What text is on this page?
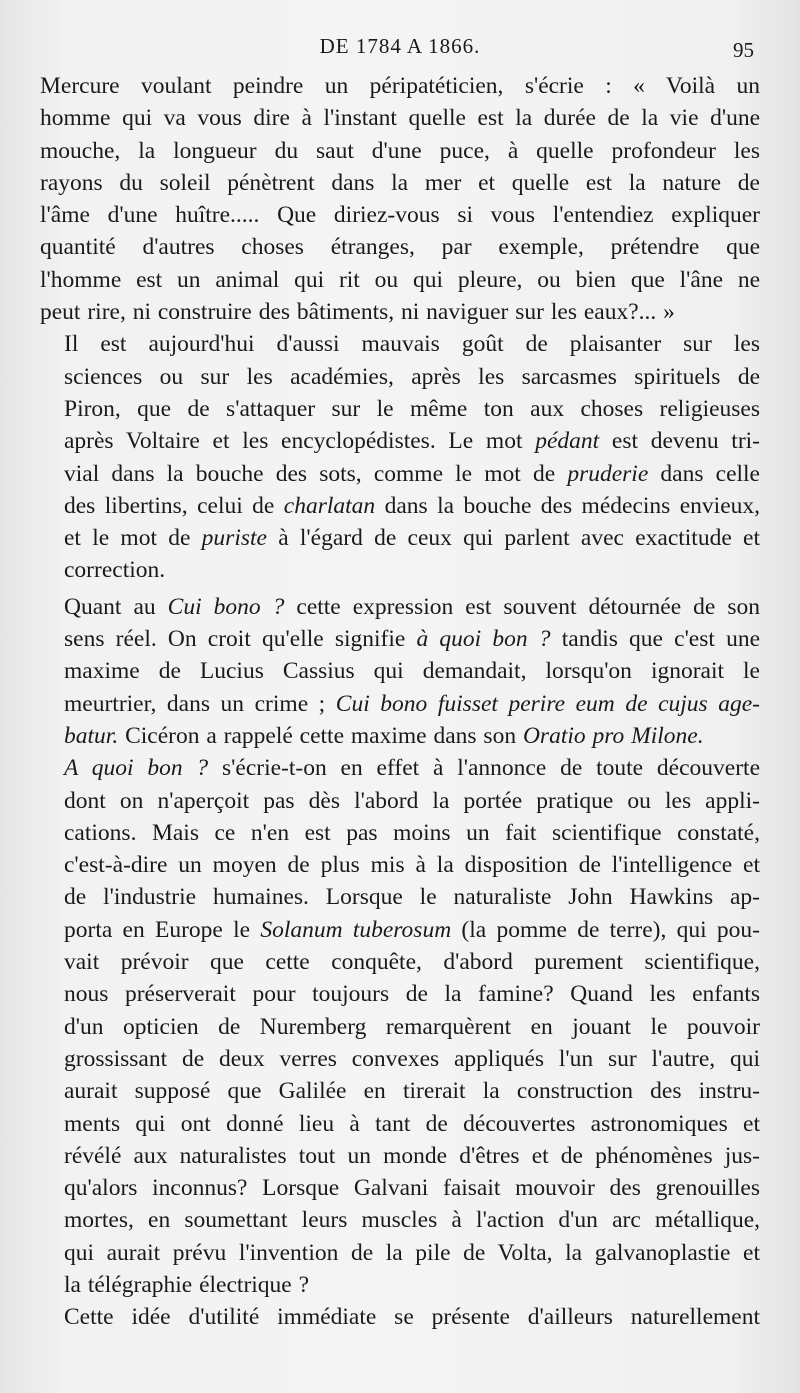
DE 1784 A 1866.	95

Mercure voulant peindre un péripatéticien, s'écrie : « Voilà un
homme qui va vous dire à l'instant quelle est la durée de la vie d'une
mouche, la longueur du saut d'une puce, à quelle profondeur les
rayons du soleil pénètrent dans la mer et quelle est la nature de
l'âme d'une huître..... Que diriez-vous si vous l'entendiez expliquer
quantité d'autres choses étranges, par exemple, prétendre que
l'homme est un animal qui rit ou qui pleure, ou bien que l'âne ne
peut rire, ni construire des bâtiments, ni naviguer sur les eaux?... »

Il est aujourd'hui d'aussi mauvais goût de plaisanter sur les
sciences ou sur les académies, après les sarcasmes spirituels de
Piron, que de s'attaquer sur le même ton aux choses religieuses
après Voltaire et les encyclopédistes. Le mot pédant est devenu tri-
vial dans la bouche des sots, comme le mot de pruderie dans celle
des libertins, celui de charlatan dans la bouche des médecins envieux,
et le mot de puriste à l'égard de ceux qui parlent avec exactitude et
correction.

Quant au Cui bono ? cette expression est souvent détournée de son
sens réel. On croit qu'elle signifie à quoi bon ? tandis que c'est une
maxime de Lucius Cassius qui demandait, lorsqu'on ignorait le
meurtrier, dans un crime ; Cui bono fuisset perire eum de cujus age-
batur. Cicéron a rappelé cette maxime dans son Oratio pro Milone.

A quoi bon ? s'écrie-t-on en effet à l'annonce de toute découverte
dont on n'aperçoit pas dès l'abord la portée pratique ou les appli-
cations. Mais ce n'en est pas moins un fait scientifique constaté,
c'est-à-dire un moyen de plus mis à la disposition de l'intelligence et
de l'industrie humaines. Lorsque le naturaliste John Hawkins ap-
porta en Europe le Solanum tuberosum (la pomme de terre), qui pou-
vait prévoir que cette conquête, d'abord purement scientifique,
nous préserverait pour toujours de la famine? Quand les enfants
d'un opticien de Nuremberg remarquèrent en jouant le pouvoir
grossissant de deux verres convexes appliqués l'un sur l'autre, qui
aurait supposé que Galilée en tirerait la construction des instru-
ments qui ont donné lieu à tant de découvertes astronomiques et
révélé aux naturalistes tout un monde d'êtres et de phénomènes jus-
qu'alors inconnus? Lorsque Galvani faisait mouvoir des grenouilles
mortes, en soumettant leurs muscles à l'action d'un arc métallique,
qui aurait prévu l'invention de la pile de Volta, la galvanoplastie et
la télégraphie électrique ?

Cette idée d'utilité immédiate se présente d'ailleurs naturellement
